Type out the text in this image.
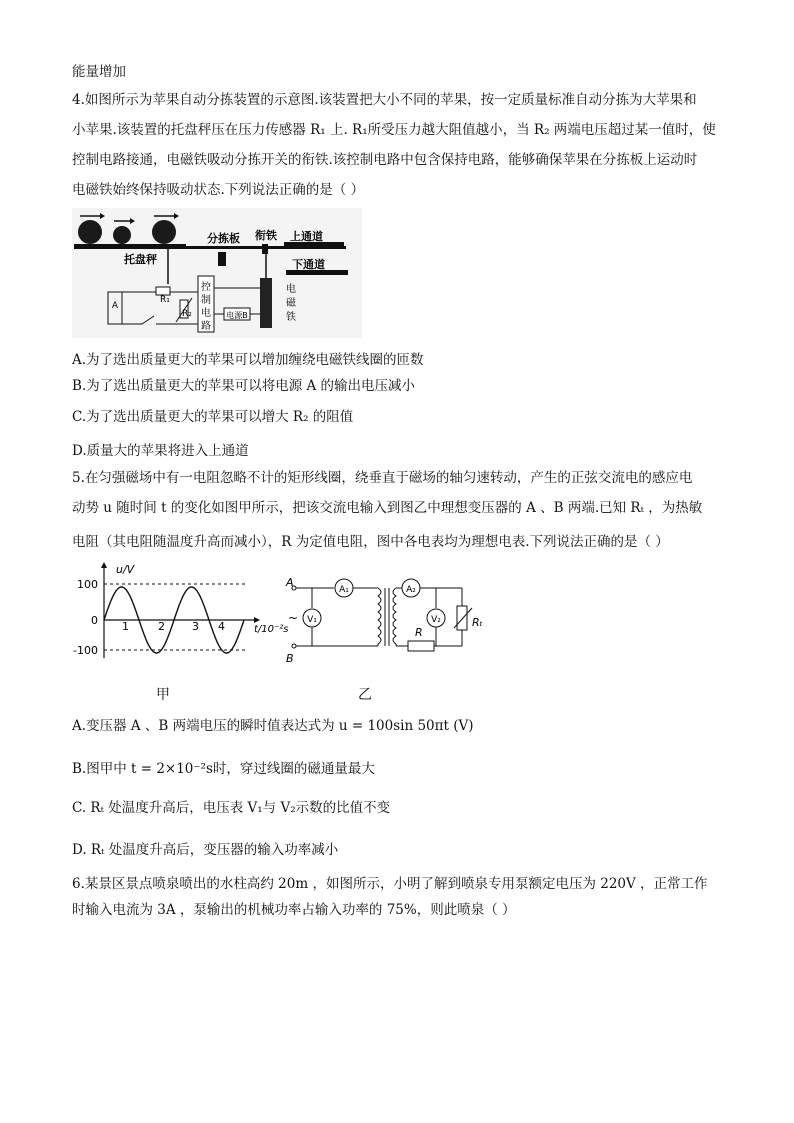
能量增加
4.如图所示为苹果自动分拣装置的示意图.该装置把大小不同的苹果，按一定质量标准自动分拣为大苹果和
小苹果.该装置的托盘秤压在压力传感器 R₁ 上. R₁所受压力越大阻值越小，当 R₂ 两端电压超过某一值时，使
控制电路接通，电磁铁吸动分拣开关的衔铁.该控制电路中包含保持电路，能够确保苹果在分拣板上运动时
电磁铁始终保持吸动状态.下列说法正确的是（ ）
托盘秤
分拣板 衔铁 上通道
下通道
A
R₁
R₂
控
制
电
路
电源B
电
磁
铁
A.为了选出质量更大的苹果可以增加缠绕电磁铁线圈的匝数
B.为了选出质量更大的苹果可以将电源 A 的输出电压减小
C.为了选出质量更大的苹果可以增大 R₂ 的阻值
D.质量大的苹果将进入上通道
5.在匀强磁场中有一电阻忽略不计的矩形线圈，绕垂直于磁场的轴匀速转动，产生的正弦交流电的感应电
动势 u 随时间 t 的变化如图甲所示，把该交流电输入到图乙中理想变压器的 A 、B 两端.已知 Rₜ ，为热敏
电阻（其电阻随温度升高而减小），R 为定值电阻，图中各电表均为理想电表.下列说法正确的是（ ）
u/V
t/10⁻²s
100
0
-100
1	2 3 4
甲
A
B
~
A₁
V₁
A₂
R
V₂	Rₜ
乙
A.变压器 A 、B 两端电压的瞬时值表达式为 u = 100sin 50πt (V)
B.图甲中 t = 2×10⁻²s时，穿过线圈的磁通量最大
C. Rₜ 处温度升高后，电压表 V₁与 V₂示数的比值不变
D. Rₜ 处温度升高后，变压器的输入功率减小
6.某景区景点喷泉喷出的水柱高约 20m ，如图所示，小明了解到喷泉专用泵额定电压为 220V ，正常工作
时输入电流为 3A ，泵输出的机械功率占输入功率的 75%，则此喷泉（ ）
